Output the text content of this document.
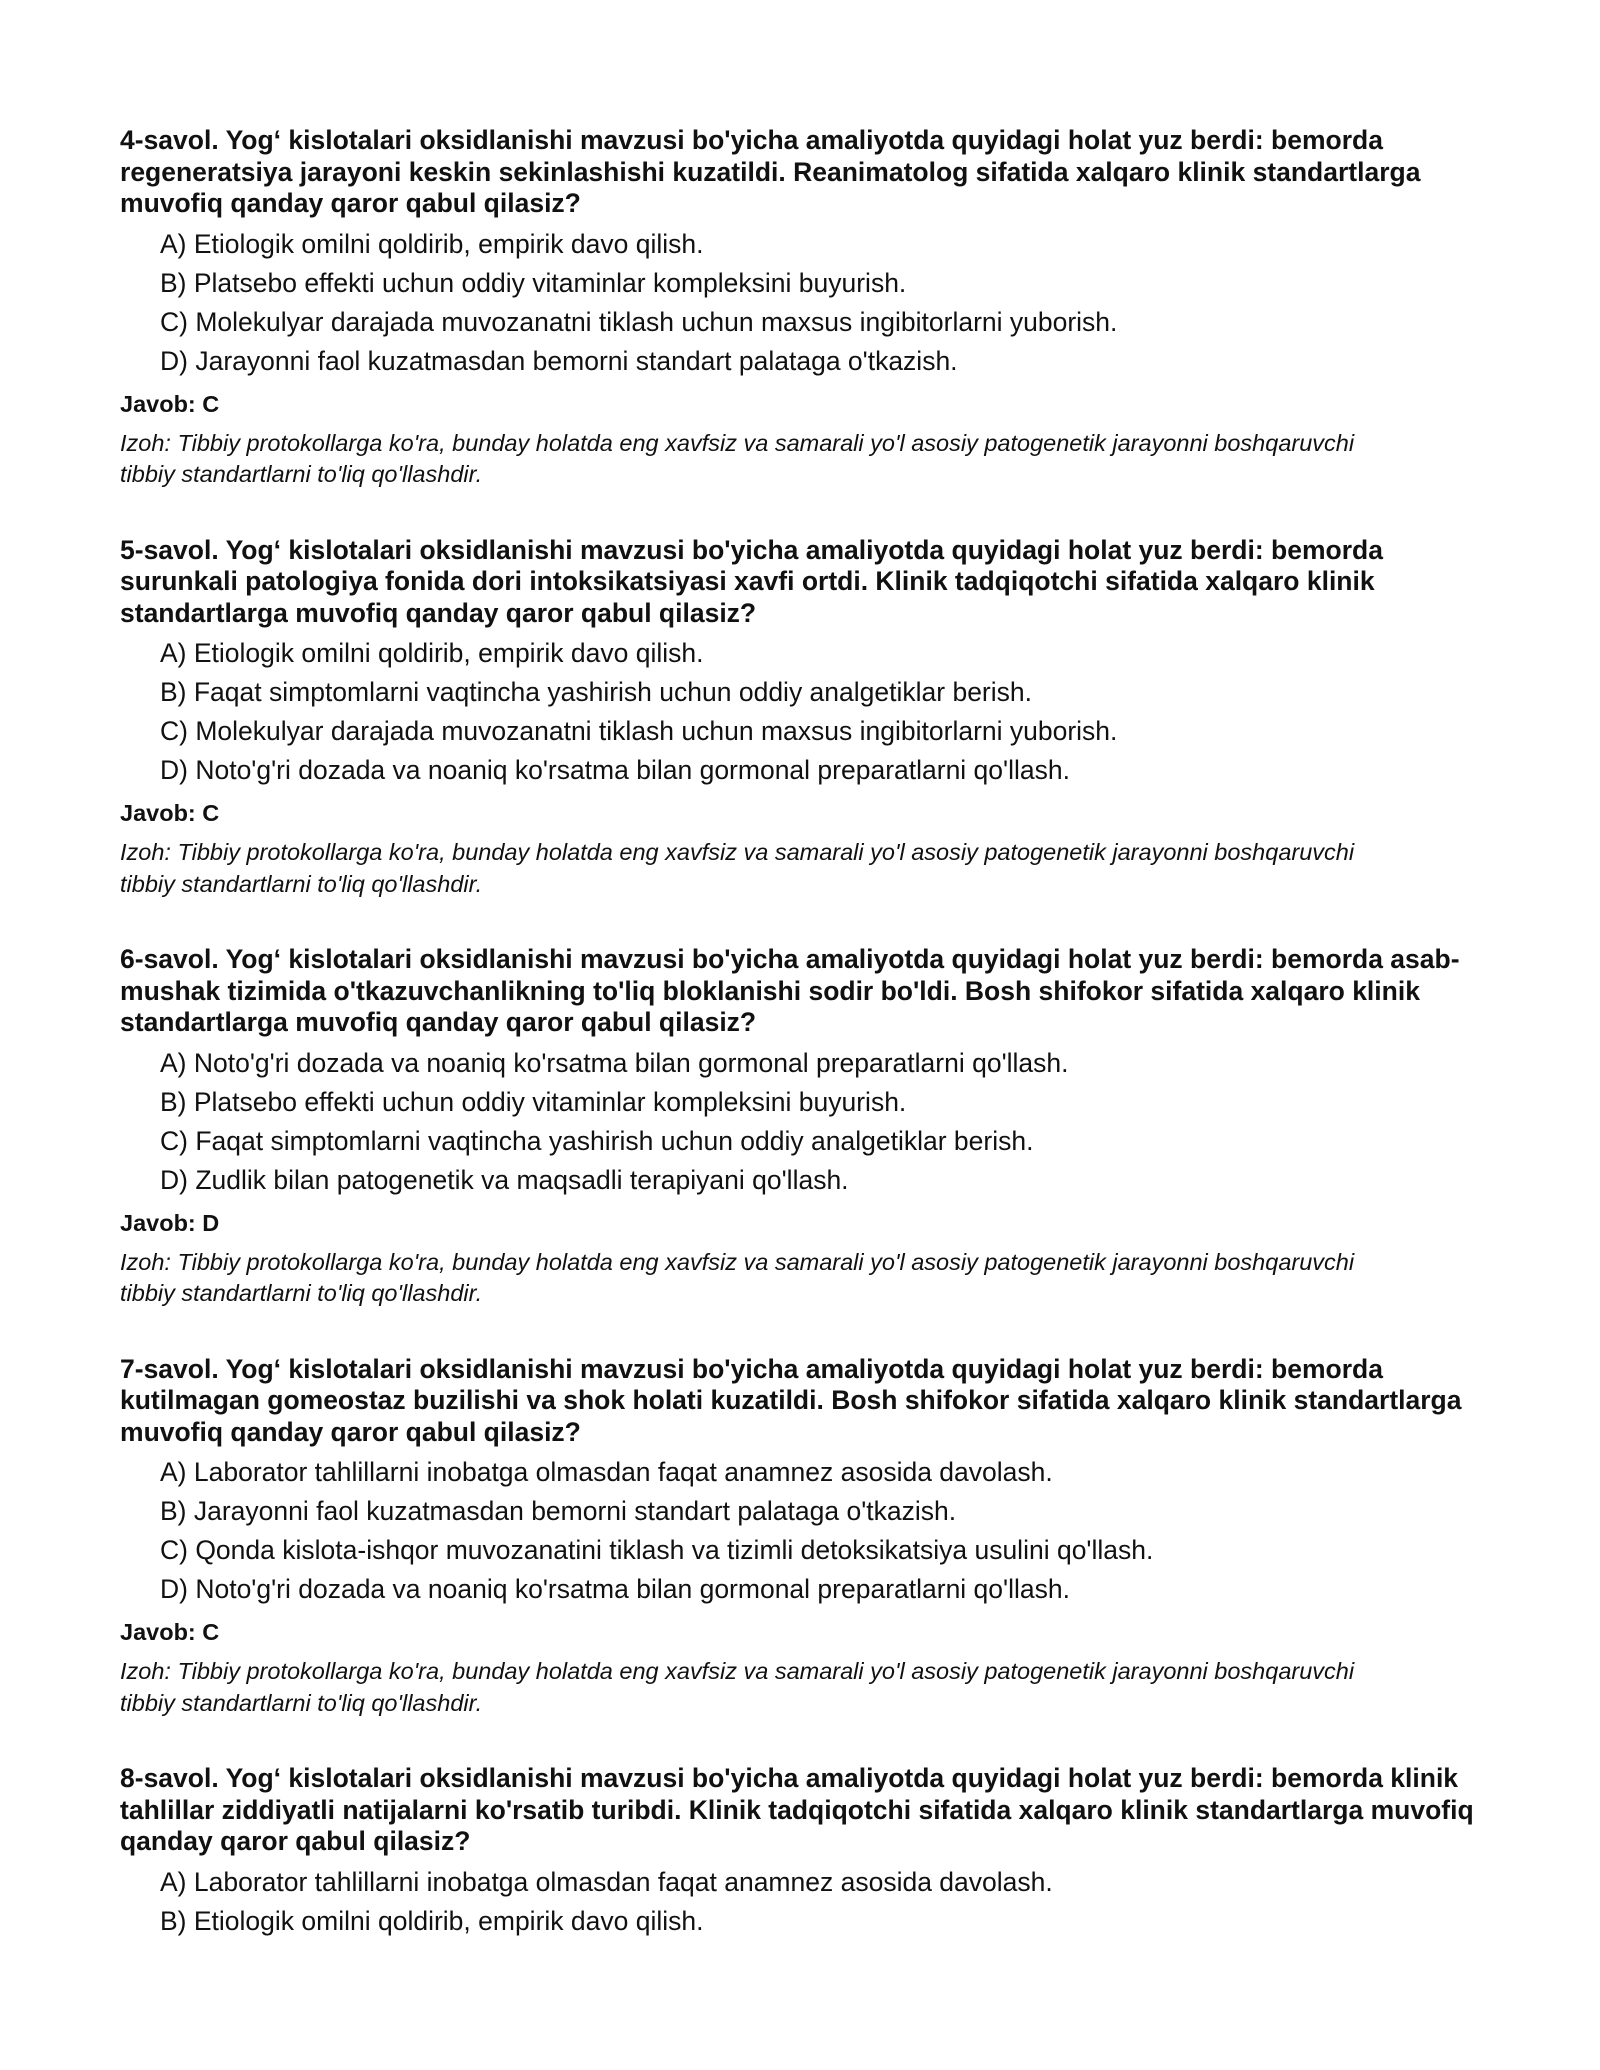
4-savol. Yog‘ kislotalari oksidlanishi mavzusi bo'yicha amaliyotda quyidagi holat yuz berdi: bemorda regeneratsiya jarayoni keskin sekinlashishi kuzatildi. Reanimatolog sifatida xalqaro klinik standartlarga muvofiq qanday qaror qabul qilasiz?

A) Etiologik omilni qoldirib, empirik davo qilish.
B) Platsebo effekti uchun oddiy vitaminlar kompleksini buyurish.
C) Molekulyar darajada muvozanatni tiklash uchun maxsus ingibitorlarni yuborish.
D) Jarayonni faol kuzatmasdan bemorni standart palataga o'tkazish.

Javob: C

Izoh: Tibbiy protokollarga ko'ra, bunday holatda eng xavfsiz va samarali yo'l asosiy patogenetik jarayonni boshqaruvchi tibbiy standartlarni to'liq qo'llashdir.

5-savol. Yog‘ kislotalari oksidlanishi mavzusi bo'yicha amaliyotda quyidagi holat yuz berdi: bemorda surunkali patologiya fonida dori intoksikatsiyasi xavfi ortdi. Klinik tadqiqotchi sifatida xalqaro klinik standartlarga muvofiq qanday qaror qabul qilasiz?

A) Etiologik omilni qoldirib, empirik davo qilish.
B) Faqat simptomlarni vaqtincha yashirish uchun oddiy analgetiklar berish.
C) Molekulyar darajada muvozanatni tiklash uchun maxsus ingibitorlarni yuborish.
D) Noto'g'ri dozada va noaniq ko'rsatma bilan gormonal preparatlarni qo'llash.

Javob: C

Izoh: Tibbiy protokollarga ko'ra, bunday holatda eng xavfsiz va samarali yo'l asosiy patogenetik jarayonni boshqaruvchi tibbiy standartlarni to'liq qo'llashdir.

6-savol. Yog‘ kislotalari oksidlanishi mavzusi bo'yicha amaliyotda quyidagi holat yuz berdi: bemorda asab-mushak tizimida o'tkazuvchanlikning to'liq bloklanishi sodir bo'ldi. Bosh shifokor sifatida xalqaro klinik standartlarga muvofiq qanday qaror qabul qilasiz?

A) Noto'g'ri dozada va noaniq ko'rsatma bilan gormonal preparatlarni qo'llash.
B) Platsebo effekti uchun oddiy vitaminlar kompleksini buyurish.
C) Faqat simptomlarni vaqtincha yashirish uchun oddiy analgetiklar berish.
D) Zudlik bilan patogenetik va maqsadli terapiyani qo'llash.

Javob: D

Izoh: Tibbiy protokollarga ko'ra, bunday holatda eng xavfsiz va samarali yo'l asosiy patogenetik jarayonni boshqaruvchi tibbiy standartlarni to'liq qo'llashdir.

7-savol. Yog‘ kislotalari oksidlanishi mavzusi bo'yicha amaliyotda quyidagi holat yuz berdi: bemorda kutilmagan gomeostaz buzilishi va shok holati kuzatildi. Bosh shifokor sifatida xalqaro klinik standartlarga muvofiq qanday qaror qabul qilasiz?

A) Laborator tahlillarni inobatga olmasdan faqat anamnez asosida davolash.
B) Jarayonni faol kuzatmasdan bemorni standart palataga o'tkazish.
C) Qonda kislota-ishqor muvozanatini tiklash va tizimli detoksikatsiya usulini qo'llash.
D) Noto'g'ri dozada va noaniq ko'rsatma bilan gormonal preparatlarni qo'llash.

Javob: C

Izoh: Tibbiy protokollarga ko'ra, bunday holatda eng xavfsiz va samarali yo'l asosiy patogenetik jarayonni boshqaruvchi tibbiy standartlarni to'liq qo'llashdir.

8-savol. Yog‘ kislotalari oksidlanishi mavzusi bo'yicha amaliyotda quyidagi holat yuz berdi: bemorda klinik tahlillar ziddiyatli natijalarni ko'rsatib turibdi. Klinik tadqiqotchi sifatida xalqaro klinik standartlarga muvofiq qanday qaror qabul qilasiz?

A) Laborator tahlillarni inobatga olmasdan faqat anamnez asosida davolash.
B) Etiologik omilni qoldirib, empirik davo qilish.
